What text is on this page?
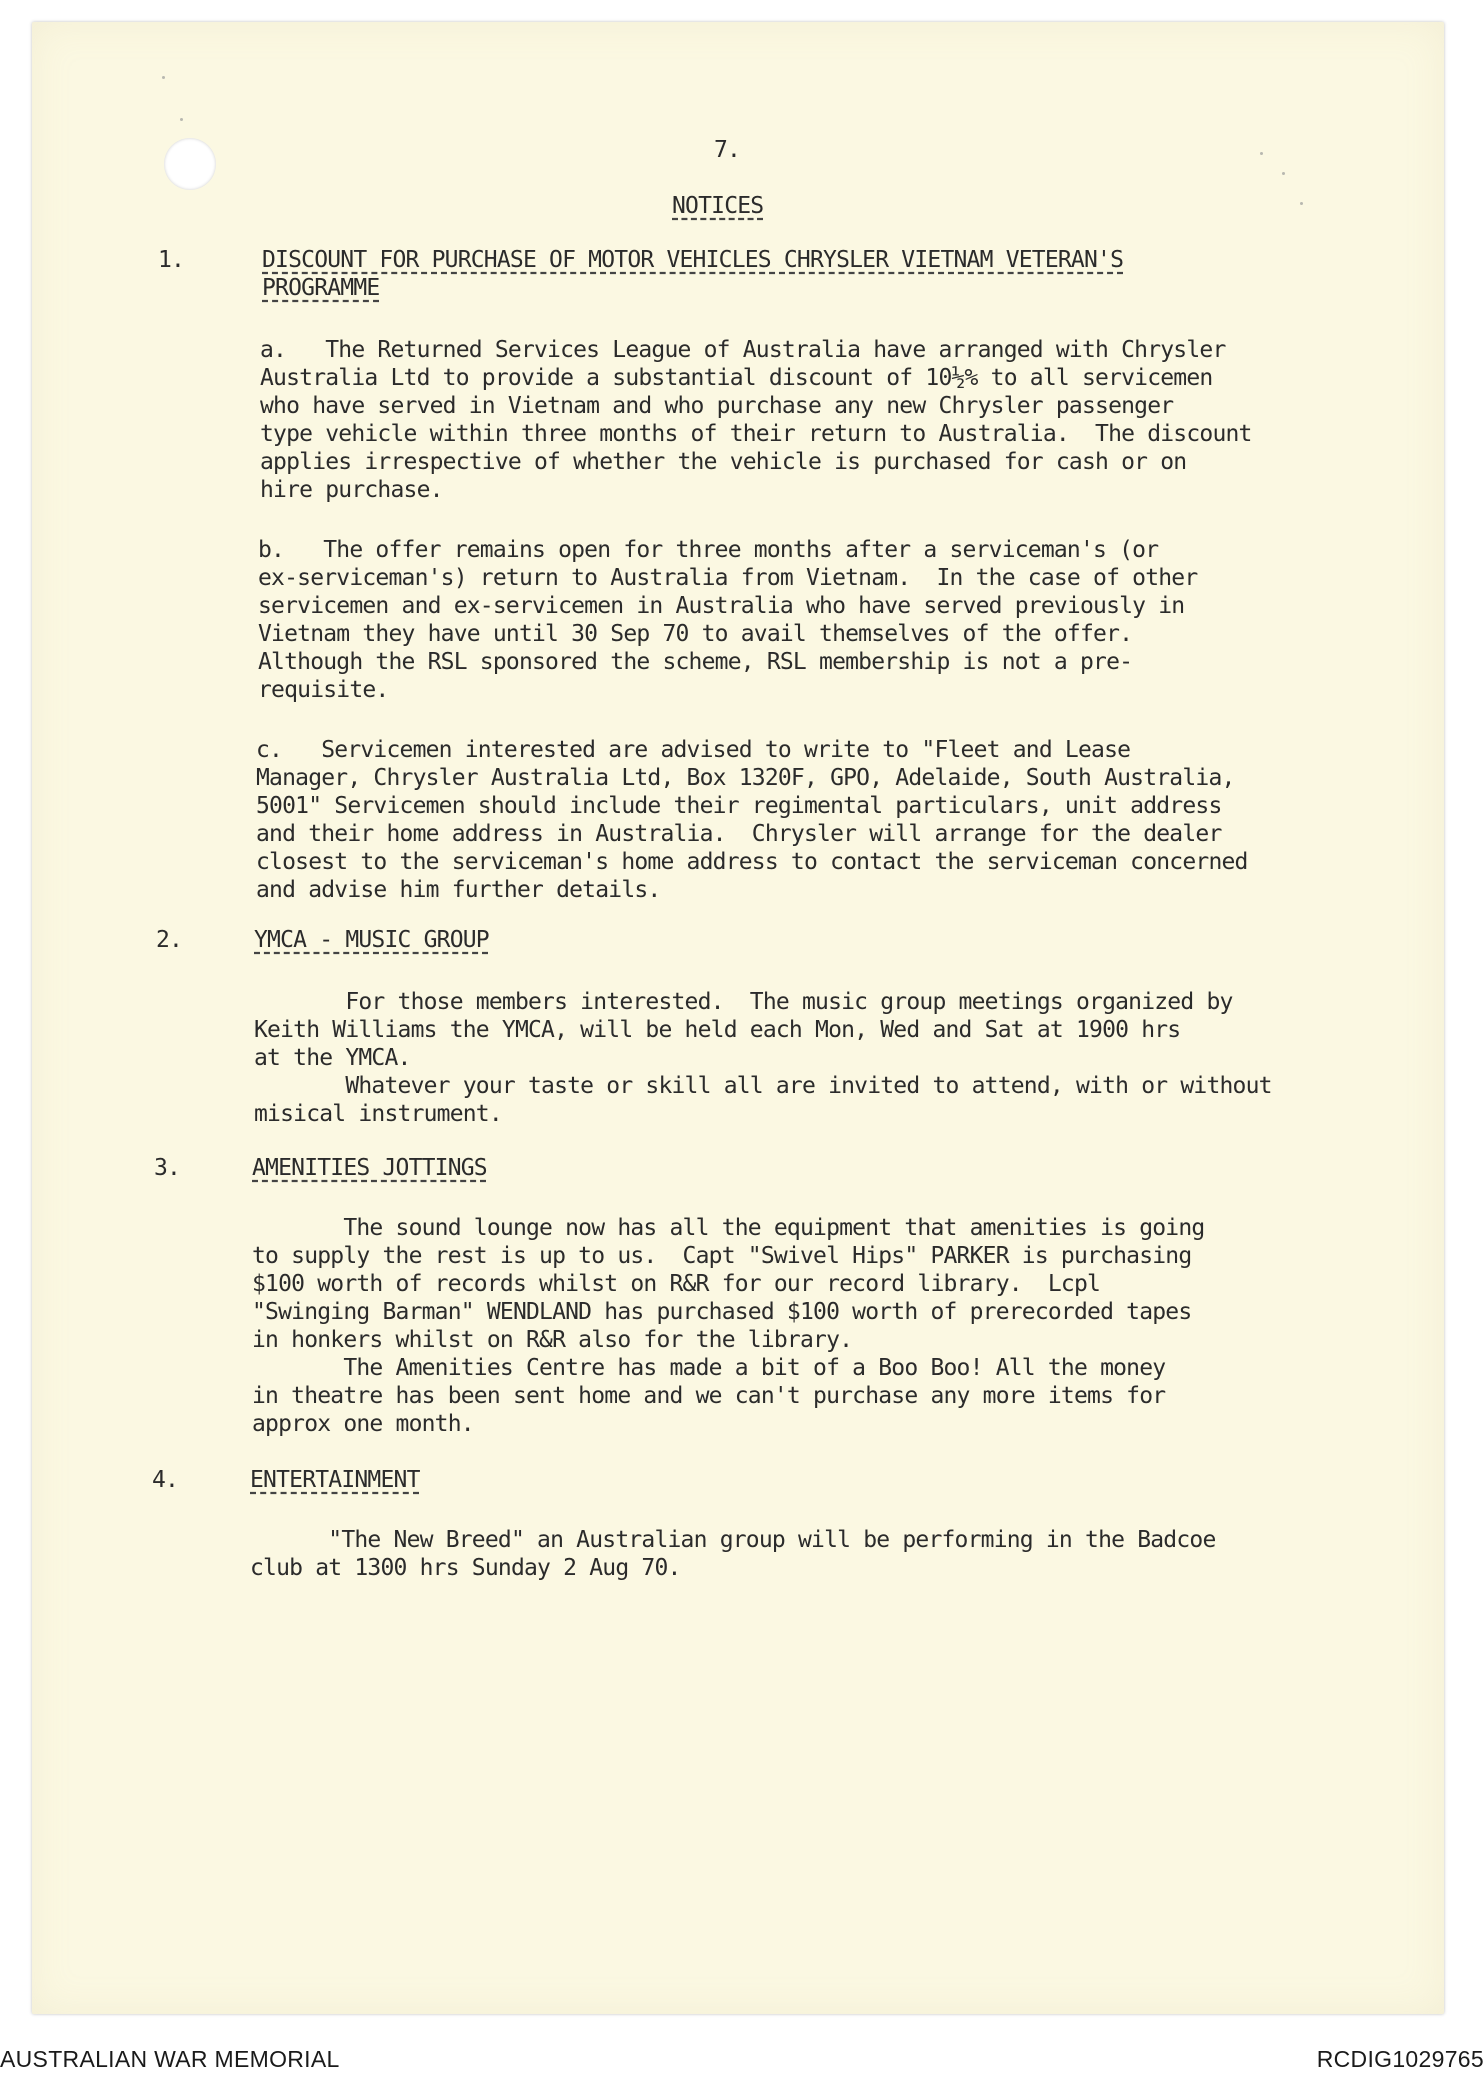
7.
NOTICES
1.	DISCOUNT FOR PURCHASE OF MOTOR VEHICLES CHRYSLER VIETNAM VETERAN'S
PROGRAMME
a.   The Returned Services League of Australia have arranged with Chrysler
Australia Ltd to provide a substantial discount of 10½% to all servicemen
who have served in Vietnam and who purchase any new Chrysler passenger
type vehicle within three months of their return to Australia.  The discount
applies irrespective of whether the vehicle is purchased for cash or on
hire purchase.
b.   The offer remains open for three months after a serviceman's (or
ex-serviceman's) return to Australia from Vietnam.  In the case of other
servicemen and ex-servicemen in Australia who have served previously in
Vietnam they have until 30 Sep 70 to avail themselves of the offer.
Although the RSL sponsored the scheme, RSL membership is not a pre-
requisite.
c.   Servicemen interested are advised to write to "Fleet and Lease
Manager, Chrysler Australia Ltd, Box 1320F, GPO, Adelaide, South Australia,
5001" Servicemen should include their regimental particulars, unit address
and their home address in Australia.  Chrysler will arrange for the dealer
closest to the serviceman's home address to contact the serviceman concerned
and advise him further details.
2.	YMCA - MUSIC GROUP
For those members interested.  The music group meetings organized by
Keith Williams the YMCA, will be held each Mon, Wed and Sat at 1900 hrs
at the YMCA.
Whatever your taste or skill all are invited to attend, with or without
misical instrument.
3.	AMENITIES JOTTINGS
The sound lounge now has all the equipment that amenities is going
to supply the rest is up to us.  Capt "Swivel Hips" PARKER is purchasing
$100 worth of records whilst on R&R for our record library.  Lcpl
"Swinging Barman" WENDLAND has purchased $100 worth of prerecorded tapes
in honkers whilst on R&R also for the library.
The Amenities Centre has made a bit of a Boo Boo! All the money
in theatre has been sent home and we can't purchase any more items for
approx one month.
4.	ENTERTAINMENT
"The New Breed" an Australian group will be performing in the Badcoe
club at 1300 hrs Sunday 2 Aug 70.
AUSTRALIAN WAR MEMORIAL	RCDIG1029765
